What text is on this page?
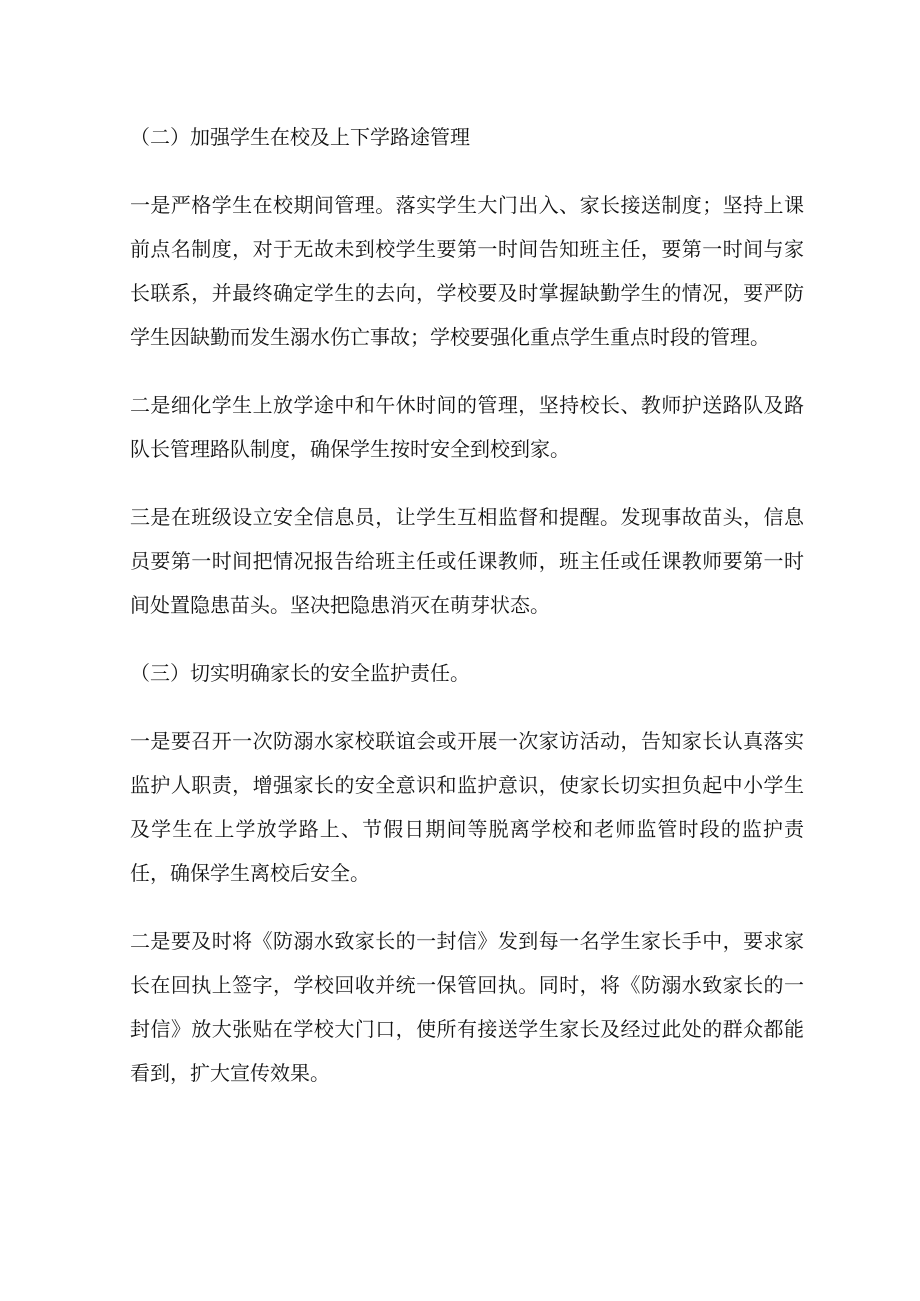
（二）加强学生在校及上下学路途管理

一是严格学生在校期间管理。落实学生大门出入、家长接送制度；坚持上课前点名制度，对于无故未到校学生要第一时间告知班主任，要第一时间与家长联系，并最终确定学生的去向，学校要及时掌握缺勤学生的情况，要严防学生因缺勤而发生溺水伤亡事故；学校要强化重点学生重点时段的管理。

二是细化学生上放学途中和午休时间的管理，坚持校长、教师护送路队及路队长管理路队制度，确保学生按时安全到校到家。

三是在班级设立安全信息员，让学生互相监督和提醒。发现事故苗头，信息员要第一时间把情况报告给班主任或任课教师，班主任或任课教师要第一时间处置隐患苗头。坚决把隐患消灭在萌芽状态。

（三）切实明确家长的安全监护责任。

一是要召开一次防溺水家校联谊会或开展一次家访活动，告知家长认真落实监护人职责，增强家长的安全意识和监护意识，使家长切实担负起中小学生及学生在上学放学路上、节假日期间等脱离学校和老师监管时段的监护责任，确保学生离校后安全。

二是要及时将《防溺水致家长的一封信》发到每一名学生家长手中，要求家长在回执上签字，学校回收并统一保管回执。同时，将《防溺水致家长的一封信》放大张贴在学校大门口，使所有接送学生家长及经过此处的群众都能看到，扩大宣传效果。
